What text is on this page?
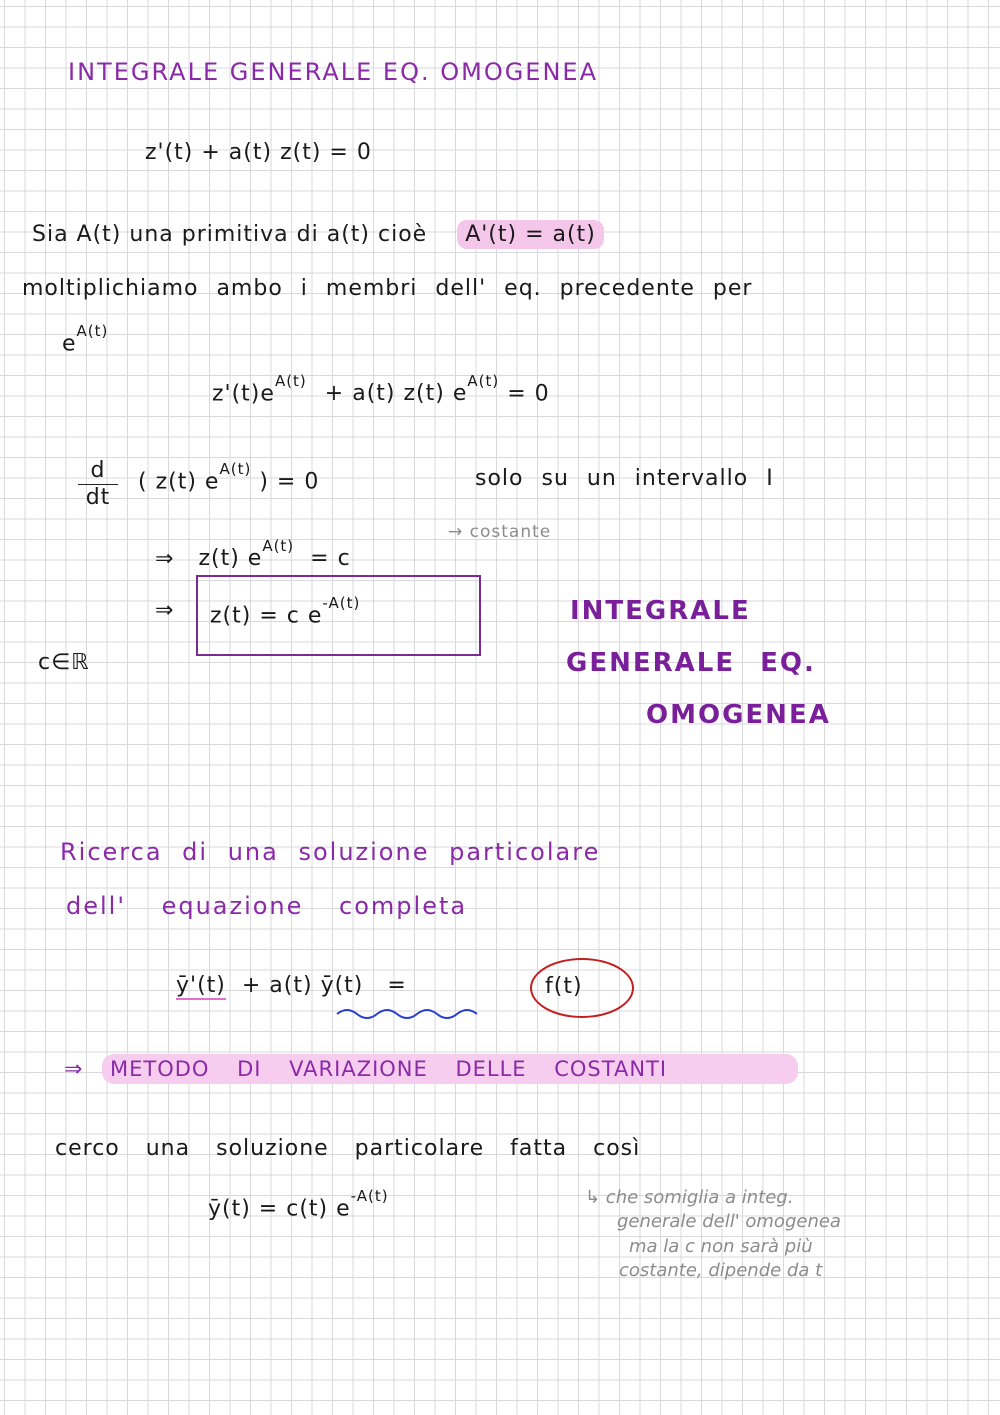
INTEGRALE GENERALE EQ. OMOGENEA
z'(t) + a(t) z(t) = 0
Sia A(t) una primitiva di a(t) cioè A'(t) = a(t)
moltiplichiamo ambo i membri dell' eq. precedente per
$e^{A(t)}$
$z'(t)e^{A(t)} + a(t)$ z(t) $e^{A(t)} = 0$
d
dt
( z(t) $e^{A(t)}$ ) = 0	solo su un intervallo I
⇒ z(t) $e^{A(t)} = c$
→ costante
⇒ z(t) = c $e^{-A(t)}$
c∈ℝ
INTEGRALE
GENERALE EQ.
OMOGENEA
Ricerca di una soluzione particolare
dell' equazione completa
ȳ'(t) + a(t) ȳ(t) =	f(t)
⇒ METODO DI VARIAZIONE DELLE COSTANTI
cerco una soluzione particolare fatta così
ȳ(t) = c(t) $e^{-A(t)}$	↳ che somiglia a integ.
generale dell' omogenea
ma la c non sarà più
costante, dipende da t
